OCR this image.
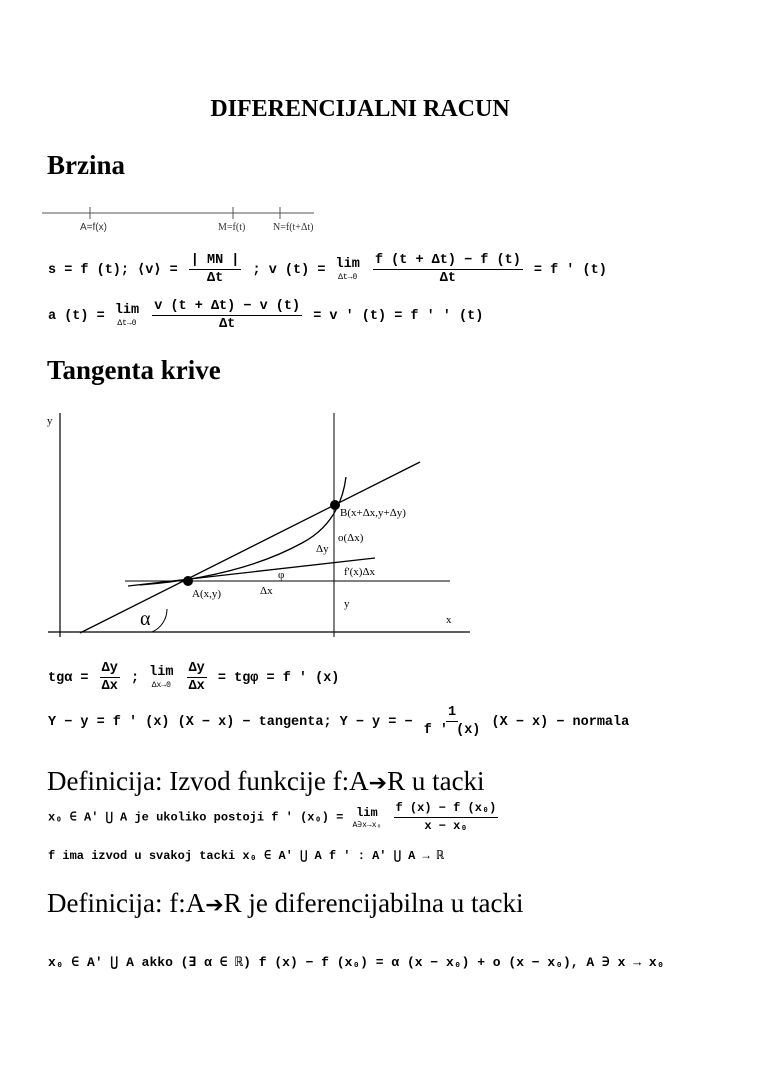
DIFERENCIJALNI RACUN
Brzina
A=f(x)	M=f(t)	N=f(t+Δt)
s = f (t); ⟨v⟩ = $\frac{| MN |}{\Delta t}$ ; v (t) = lim
Δt→0
$\frac{f (t + \Delta t) - f (t)}{\Delta t} = f$ ' (t)
a (t) = lim
Δt→0
$\frac{v (t + \Delta t) - v (t)}{\Delta t} = v$ ' (t) = f ' ' (t)
Tangenta krive
y
x
A(x,y)
B(x+Δx,y+Δy)
o(Δx)
Δy
f'(x)Δx
φ
Δx
y
α
$tg\alpha = \frac{\Delta y}{\Delta x}$ ; lim
Δx→0
$\frac{\Delta y}{\Delta x} = tg\varphi = f$ ' (x)
Y − y = f ' (x) (X − x) − tangenta; Y − y = − $\frac{1}{f ' (x)} (X - x)$ − normala
Definicija: Izvod funkcije f:A➔R u tacki
x₀ ∈ A' ⋃ A je ukoliko postoji f ' (x₀) = lim
A∋x→x₀
$\frac{\text{f (x) − f (x₀)}}{\text{x − x₀}}$
f ima izvod u svakoj tacki x₀ ∈ A' ⋃ A f ' : A' ⋃ A → ℝ
Definicija: f:A➔R je diferencijabilna u tacki
x₀ ∈ A' ⋃ A akko (∃ α ∈ ℝ) f (x) − f (x₀) = α (x − x₀) + o (x − x₀), A ∋ x → x₀
